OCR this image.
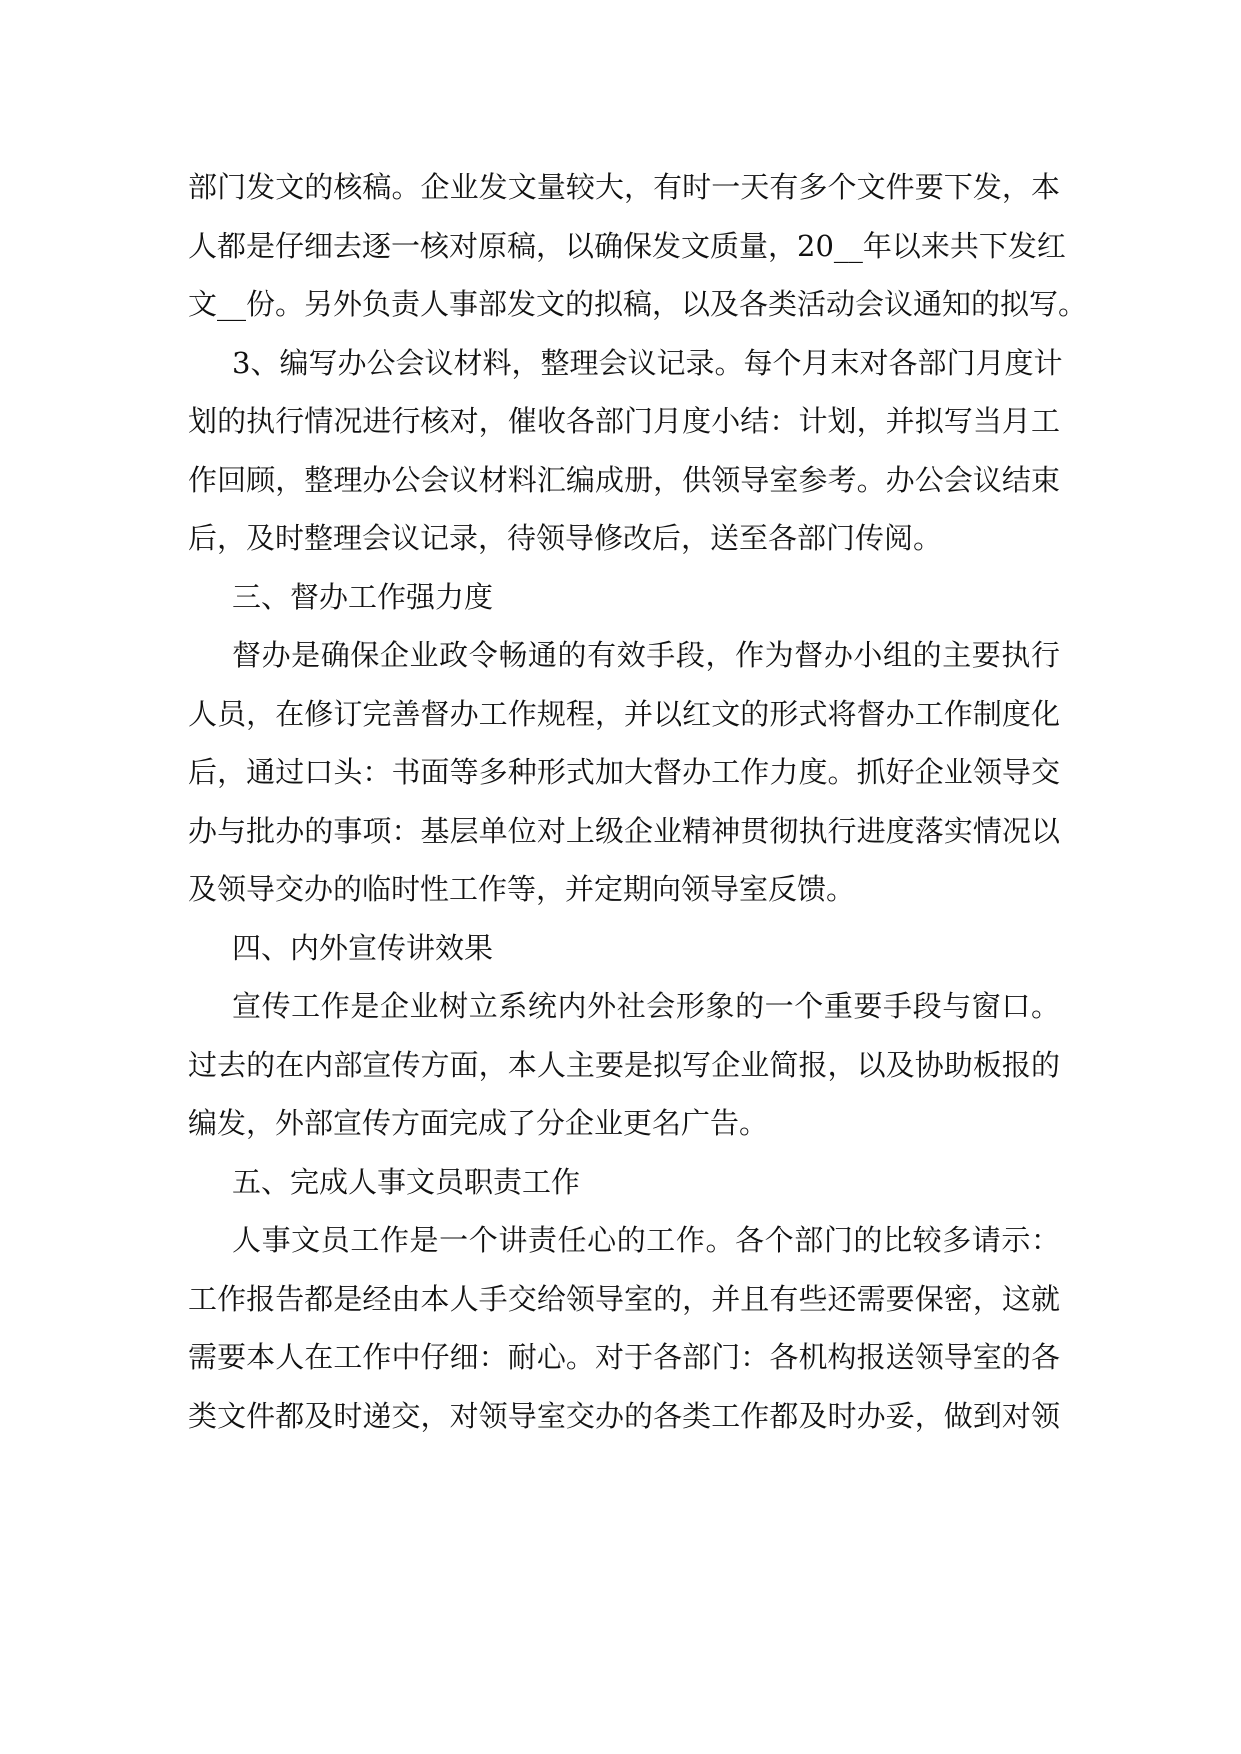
部门发文的核稿。企业发文量较大，有时一天有多个文件要下发，本
人都是仔细去逐一核对原稿，以确保发文质量，20__年以来共下发红
文__份。另外负责人事部发文的拟稿，以及各类活动会议通知的拟写。
3、编写办公会议材料，整理会议记录。每个月末对各部门月度计
划的执行情况进行核对，催收各部门月度小结：计划，并拟写当月工
作回顾，整理办公会议材料汇编成册，供领导室参考。办公会议结束
后，及时整理会议记录，待领导修改后，送至各部门传阅。
三、督办工作强力度
督办是确保企业政令畅通的有效手段，作为督办小组的主要执行
人员，在修订完善督办工作规程，并以红文的形式将督办工作制度化
后，通过口头：书面等多种形式加大督办工作力度。抓好企业领导交
办与批办的事项：基层单位对上级企业精神贯彻执行进度落实情况以
及领导交办的临时性工作等，并定期向领导室反馈。
四、内外宣传讲效果
宣传工作是企业树立系统内外社会形象的一个重要手段与窗口。
过去的在内部宣传方面，本人主要是拟写企业简报，以及协助板报的
编发，外部宣传方面完成了分企业更名广告。
五、完成人事文员职责工作
人事文员工作是一个讲责任心的工作。各个部门的比较多请示：
工作报告都是经由本人手交给领导室的，并且有些还需要保密，这就
需要本人在工作中仔细：耐心。对于各部门：各机构报送领导室的各
类文件都及时递交，对领导室交办的各类工作都及时办妥，做到对领
